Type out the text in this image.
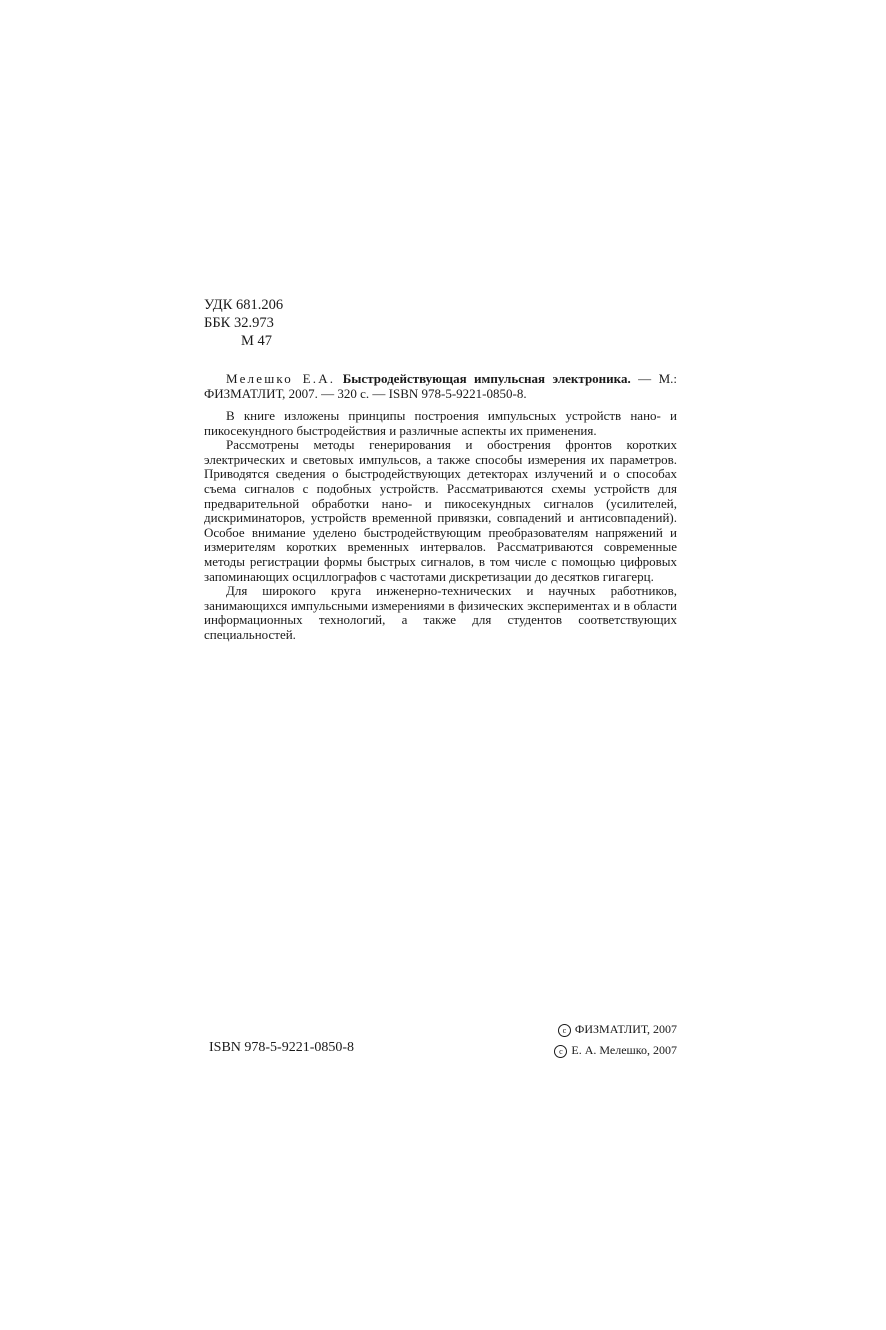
УДК 681.206
ББК 32.973
М 47
Мелешко Е.А. Быстродействующая импульсная электроника. — М.: ФИЗМАТЛИТ, 2007. — 320 с. — ISBN 978-5-9221-0850-8.

В книге изложены принципы построения импульсных устройств нано- и пикосекундного быстродействия и различные аспекты их применения.

Рассмотрены методы генерирования и обострения фронтов коротких электрических и световых импульсов, а также способы измерения их параметров. Приводятся сведения о быстродействующих детекторах излучений и о способах съема сигналов с подобных устройств. Рассматриваются схемы устройств для предварительной обработки нано- и пикосекундных сигналов (усилителей, дискриминаторов, устройств временной привязки, совпадений и антисовпадений). Особое внимание уделено быстродействующим преобразователям напряжений и измерителям коротких временных интервалов. Рассматриваются современные методы регистрации формы быстрых сигналов, в том числе с помощью цифровых запоминающих осциллографов с частотами дискретизации до десятков гигагерц.

Для широкого круга инженерно-технических и научных работников, занимающихся импульсными измерениями в физических экспериментах и в области информационных технологий, а также для студентов соответствующих специальностей.

ISBN 978-5-9221-0850-8
c ФИЗМАТЛИТ, 2007
c Е. А. Мелешко, 2007
